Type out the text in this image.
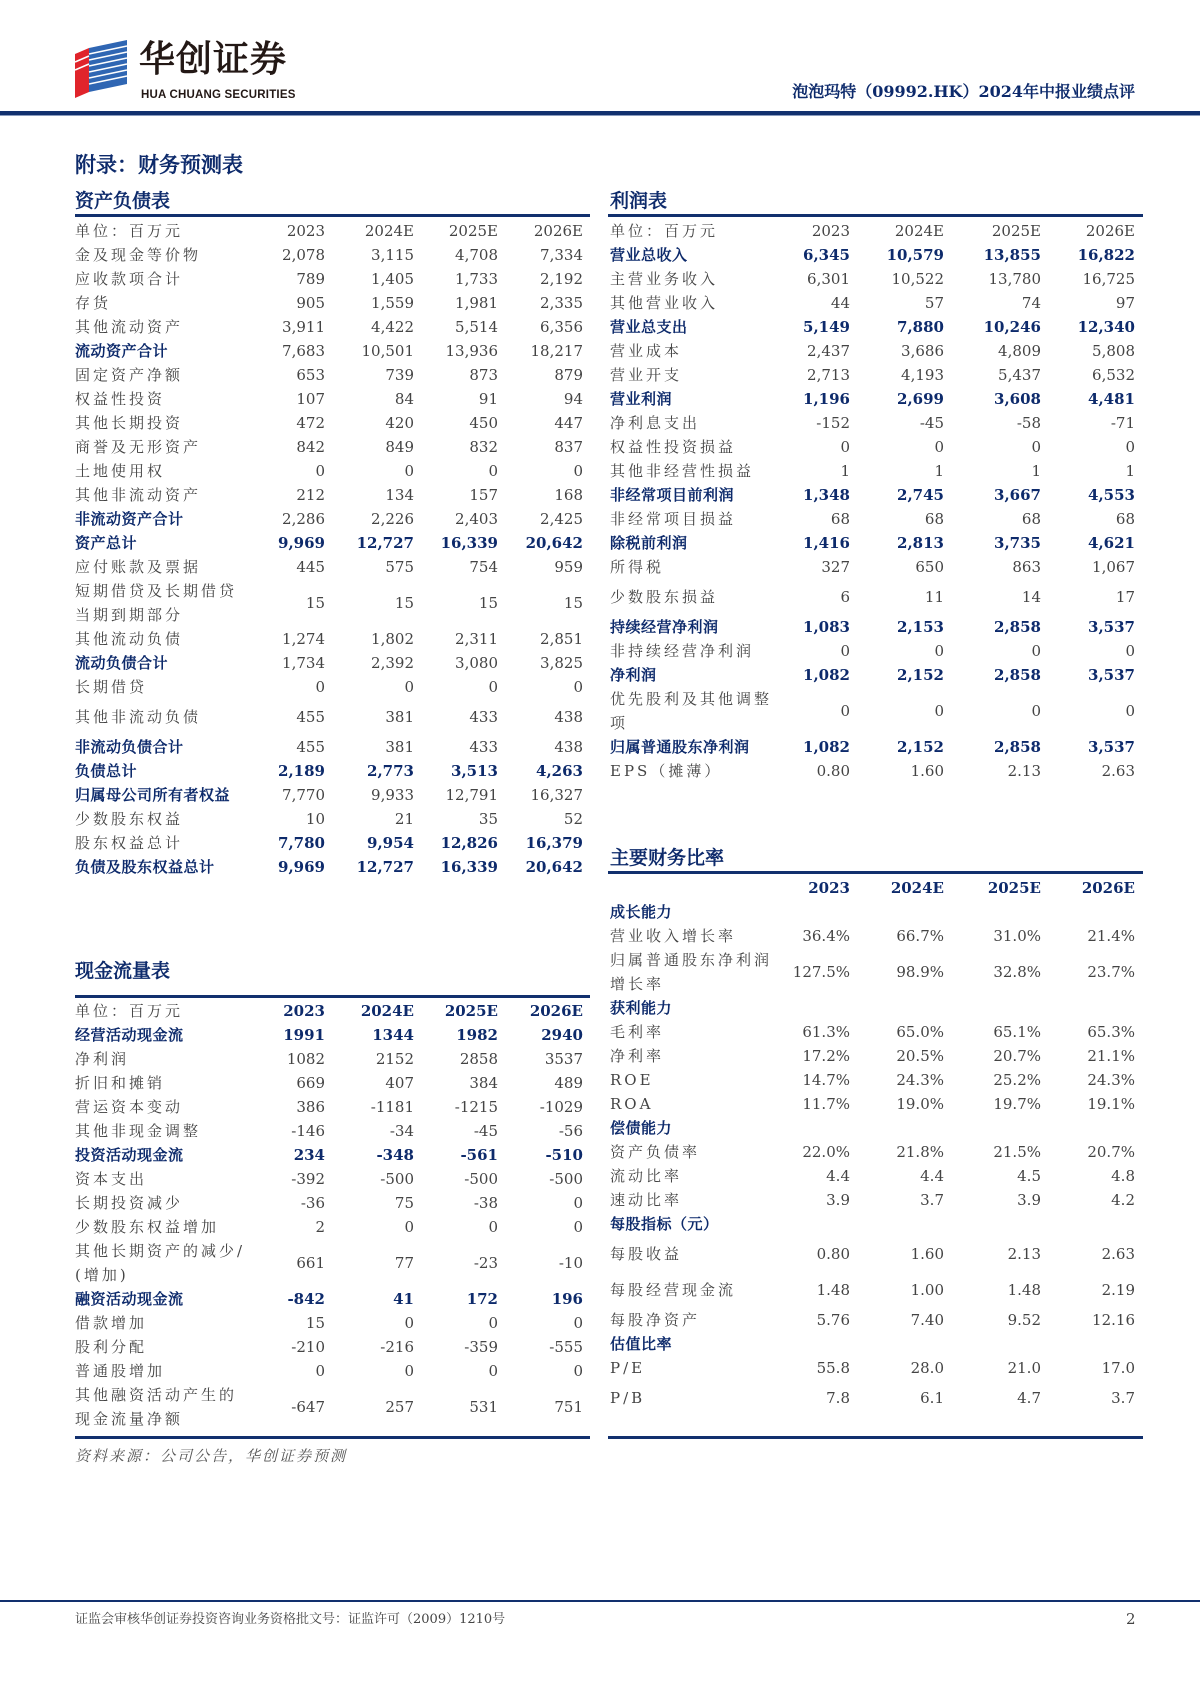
华创证券
HUA CHUANG SECURITIES	泡泡玛特（09992.HK）2024年中报业绩点评
附录：财务预测表
资产负债表
单位：百万元	2023	2024E	2025E	2026E
金及现金等价物	2,078	3,115	4,708	7,334
应收款项合计	789	1,405	1,733	2,192
存货	905	1,559	1,981	2,335
其他流动资产	3,911	4,422	5,514	6,356
流动资产合计	7,683	10,501	13,936	18,217
固定资产净额	653	739	873	879
权益性投资	107	84	91	94
其他长期投资	472	420	450	447
商誉及无形资产	842	849	832	837
土地使用权	0	0	0	0
其他非流动资产	212	134	157	168
非流动资产合计	2,286	2,226	2,403	2,425
资产总计	9,969	12,727	16,339	20,642
应付账款及票据	445	575	754	959
短期借贷及长期借贷当期到期部分	15	15	15	15
其他流动负债	1,274	1,802	2,311	2,851
流动负债合计	1,734	2,392	3,080	3,825
长期借贷	0	0	0	0
其他非流动负债	455	381	433	438
非流动负债合计	455	381	433	438
负债总计	2,189	2,773	3,513	4,263
归属母公司所有者权益	7,770	9,933	12,791	16,327
少数股东权益	10	21	35	52
股东权益总计	7,780	9,954	12,826	16,379
负债及股东权益总计	9,969	12,727	16,339	20,642
利润表
单位：百万元	2023	2024E	2025E	2026E
营业总收入	6,345	10,579	13,855	16,822
主营业务收入	6,301	10,522	13,780	16,725
其他营业收入	44	57	74	97
营业总支出	5,149	7,880	10,246	12,340
营业成本	2,437	3,686	4,809	5,808
营业开支	2,713	4,193	5,437	6,532
营业利润	1,196	2,699	3,608	4,481
净利息支出	-152	-45	-58	-71
权益性投资损益	0	0	0	0
其他非经营性损益	1	1	1	1
非经常项目前利润	1,348	2,745	3,667	4,553
非经常项目损益	68	68	68	68
除税前利润	1,416	2,813	3,735	4,621
所得税	327	650	863	1,067
少数股东损益	6	11	14	17
持续经营净利润	1,083	2,153	2,858	3,537
非持续经营净利润	0	0	0	0
净利润	1,082	2,152	2,858	3,537
优先股利及其他调整项	0	0	0	0
归属普通股东净利润	1,082	2,152	2,858	3,537
EPS（摊薄）	0.80	1.60	2.13	2.63
现金流量表
单位：百万元	2023	2024E	2025E	2026E
经营活动现金流	1991	1344	1982	2940
净利润	1082	2152	2858	3537
折旧和摊销	669	407	384	489
营运资本变动	386	-1181	-1215	-1029
其他非现金调整	-146	-34	-45	-56
投资活动现金流	234	-348	-561	-510
资本支出	-392	-500	-500	-500
长期投资减少	-36	75	-38	0
少数股东权益增加	2	0	0	0
其他长期资产的减少/(增加)	661	77	-23	-10
融资活动现金流	-842	41	172	196
借款增加	15	0	0	0
股利分配	-210	-216	-359	-555
普通股增加	0	0	0	0
其他融资活动产生的现金流量净额	-647	257	531	751
主要财务比率
	2023	2024E	2025E	2026E
成长能力				
营业收入增长率	36.4%	66.7%	31.0%	21.4%
归属普通股东净利润增长率	127.5%	98.9%	32.8%	23.7%
获利能力				
毛利率	61.3%	65.0%	65.1%	65.3%
净利率	17.2%	20.5%	20.7%	21.1%
ROE	14.7%	24.3%	25.2%	24.3%
ROA	11.7%	19.0%	19.7%	19.1%
偿债能力				
资产负债率	22.0%	21.8%	21.5%	20.7%
流动比率	4.4	4.4	4.5	4.8
速动比率	3.9	3.7	3.9	4.2
每股指标（元）				
每股收益	0.80	1.60	2.13	2.63
每股经营现金流	1.48	1.00	1.48	2.19
每股净资产	5.76	7.40	9.52	12.16
估值比率				
P/E	55.8	28.0	21.0	17.0
P/B	7.8	6.1	4.7	3.7
资料来源：公司公告，华创证券预测
证监会审核华创证券投资咨询业务资格批文号：证监许可（2009）1210号	2
